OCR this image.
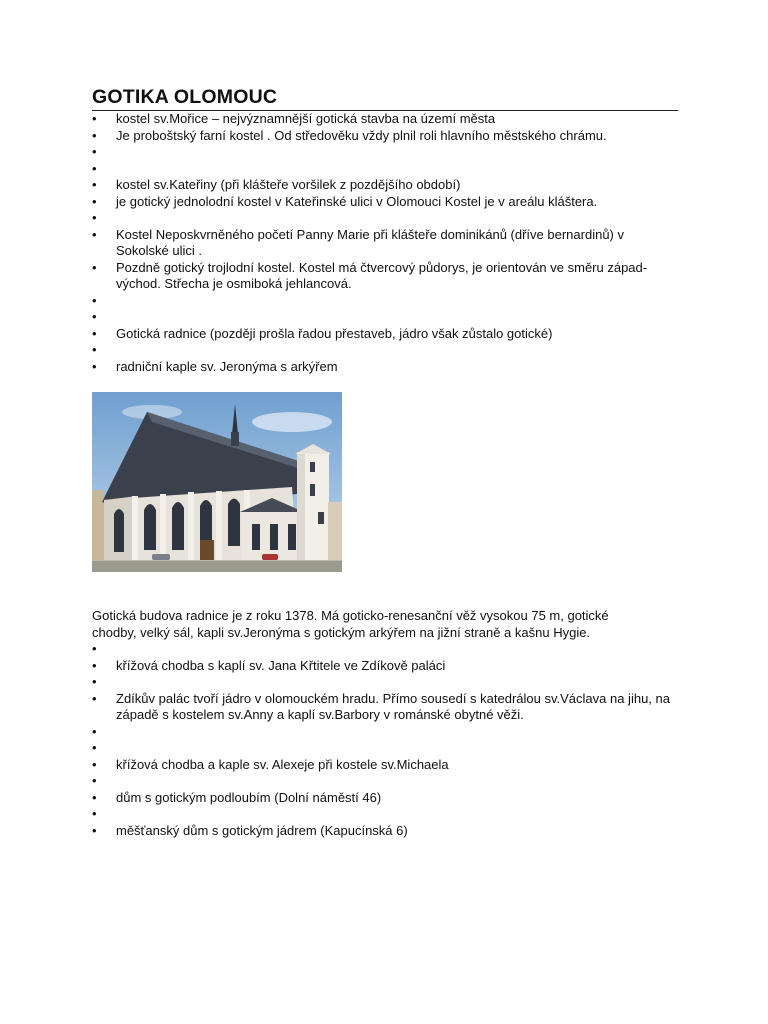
GOTIKA OLOMOUC
•	kostel sv.Mořice – nejvýznamnější gotická stavba na území města
•	Je proboštský farní kostel . Od středověku vždy plnil roli hlavního městského chrámu.
•
•
•	kostel sv.Kateřiny (při klášteře voršilek z pozdějšího období)
•	je gotický jednolodní kostel v Kateřinské ulici v Olomouci Kostel je v areálu kláštera.
•
•	Kostel Neposkvrněného početí Panny Marie při klášteře dominikánů (dříve bernardinů) v Sokolské ulici .
•	Pozdně gotický trojlodní kostel. Kostel má čtvercový půdorys, je orientován ve směru západ-východ. Střecha je osmiboká jehlancová.
•
•
•	Gotická radnice (později prošla řadou přestaveb, jádro však zůstalo gotické)
•
•	radniční kaple sv. Jeronýma s arkýřem

Gotická budova radnice je z roku 1378. Má goticko-renesanční věž vysokou 75 m, gotické chodby, velký sál, kapli sv.Jeronýma s gotickým arkýřem na jižní straně a kašnu Hygie.

•
•	křížová chodba s kaplí sv. Jana Křtitele ve Zdíkově paláci
•
•	Zdíkův palác tvoří jádro v olomouckém hradu. Přímo sousedí s katedrálou sv.Václava na jihu, na západě s kostelem sv.Anny a kaplí sv.Barbory v románské obytné věži.
•
•
•	křížová chodba a kaple sv. Alexeje při kostele sv.Michaela
•
•	dům s gotickým podloubím (Dolní náměstí 46)
•
•	měšťanský dům s gotickým jádrem (Kapucínská 6)
